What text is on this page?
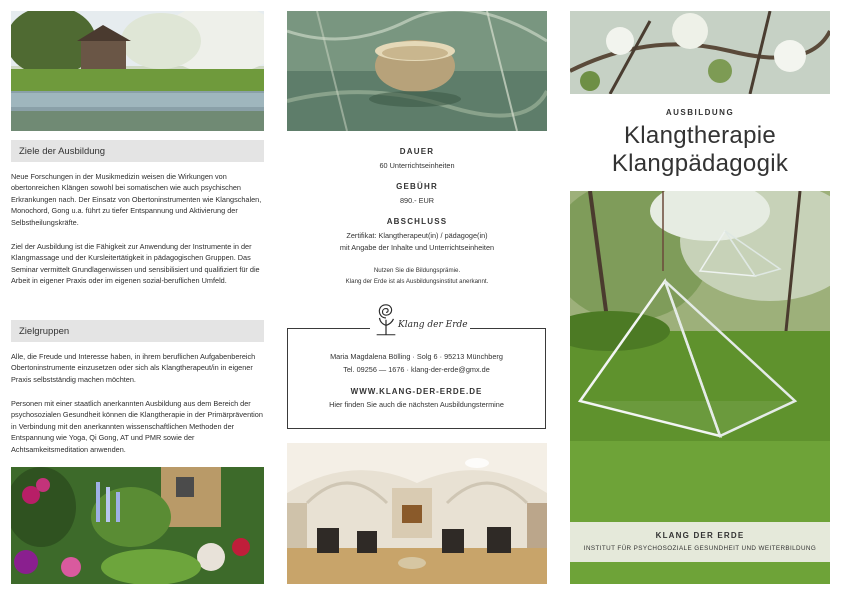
Ziele der Ausbildung

Neue Forschungen in der Musikmedizin weisen die Wirkungen von obertonreichen Klängen sowohl bei somatischen wie auch psychischen Erkrankungen nach. Der Einsatz von Obertoninstrumenten wie Klangschalen, Monochord, Gong u.a. führt zu tiefer Entspannung und Aktivierung der Selbstheilungskräfte.

Ziel der Ausbildung ist die Fähigkeit zur Anwendung der Instrumente in der Klangmassage und der Kursleitertätigkeit in pädagogischen Gruppen. Das Seminar vermittelt Grundlagenwissen und sensibilisiert und qualifiziert für die Arbeit in eigener Praxis oder im eigenen sozial-beruflichen Umfeld.

Zielgruppen

Alle, die Freude und Interesse haben, in ihrem beruflichen Aufgabenbereich Obertoninstrumente einzusetzen oder sich als Klangtherapeut/in in eigener Praxis selbstständig machen möchten.

Personen mit einer staatlich anerkannten Ausbildung aus dem Bereich der psychosozialen Gesundheit können die Klangtherapie in der Primärprävention in Verbindung mit den anerkannten wissenschaftlichen Methoden der Entspannung wie Yoga, Qi Gong, AT und PMR sowie der Achtsamkeitsmeditation anwenden.

DAUER
60 Unterrichtseinheiten
GEBÜHR
890.- EUR
ABSCHLUSS
Zertifikat: Klangtherapeut(in) / pädagoge(in)
mit Angabe der Inhalte und Unterrichtseinheiten
Nutzen Sie die Bildungsprämie.
Klang der Erde ist als Ausbildungsinstitut anerkannt.
Klang der Erde
Maria Magdalena Bölling · Solg 6 · 95213 Münchberg
Tel. 09256 — 1676 · klang-der-erde@gmx.de
WWW.KLANG-DER-ERDE.DE
Hier finden Sie auch die nächsten Ausbildungstermine
AUSBILDUNG
Klangtherapie
Klangpädagogik
KLANG DER ERDE
INSTITUT FÜR PSYCHOSOZIALE GESUNDHEIT UND WEITERBILDUNG
